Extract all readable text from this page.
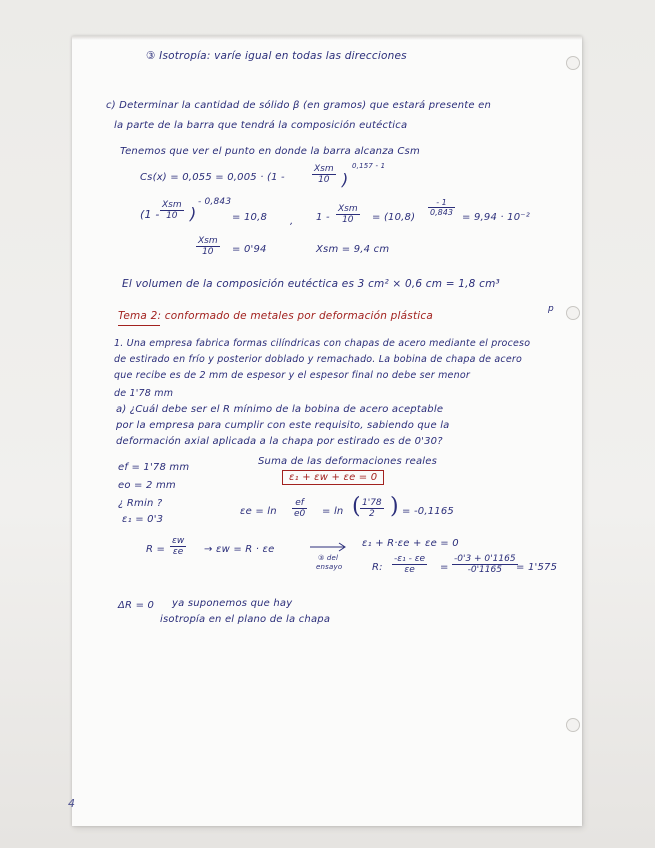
③ Isotropía: varíe igual en todas las direcciones
c) Determinar la cantidad de sólido β (en gramos) que estará presente en
la parte de la barra que tendrá la composición eutéctica
Tenemos que ver el punto en donde la barra alcanza Csm
Cs(x) = 0,055 = 0,005 · (1 -
Xsm
10 )
0,157 - 1
(1 -
Xsm
10 )
- 0,843
= 10,8 , 1 -
Xsm
10	= (10,8)
$\frac{- 1}{0,843}$
= 9,94 · 10⁻²
Xsm
10	= 0'94	Xsm = 9,4 cm
El volumen de la composición eutéctica es 3 cm² × 0,6 cm = 1,8 cm³
Tema 2: conformado de metales por deformación plástica
p
1. Una empresa fabrica formas cilíndricas con chapas de acero mediante el proceso
de estirado en frío y posterior doblado y remachado. La bobina de chapa de acero
que recibe es de 2 mm de espesor y el espesor final no debe ser menor
de 1'78 mm
a) ¿Cuál debe ser el R mínimo de la bobina de acero aceptable
por la empresa para cumplir con este requisito, sabiendo que la
deformación axial aplicada a la chapa por estirado es de 0'30?
ef = 1'78 mm
eo = 2 mm
Suma de las deformaciones reales
ε₁ + εw + εe = 0
¿ Rmin ?
ε₁ = 0'3
$\varepsilon e = \ln \frac{ef}{e0} = \ln$ ( $\frac{1'78}{2}$ ) = -0,1165
$R = \frac{\varepsilon w}{\varepsilon e} \to \varepsilon w = R \cdot \varepsilon e$
③ del
ensayo
ε₁ + R·εe + εe = 0
R: $\frac{\text{-ε₁ - εe}}{\varepsilon e} = \frac{-0'3 + 0'1165}{-0'1165}$
= 1'575
ΔR = 0 ya suponemos que hay
isotropía en el plano de la chapa
4
